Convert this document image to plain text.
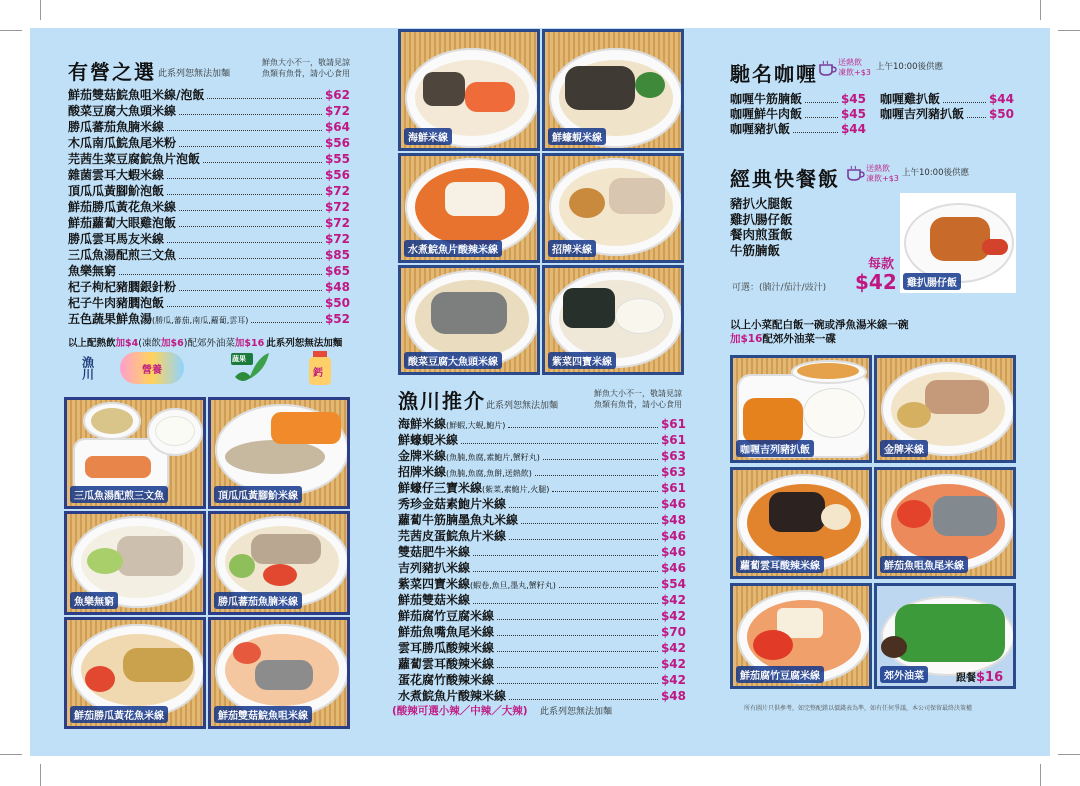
有營之選 此系列恕無法加麵
鮮魚大小不一，敬請見諒
魚類有魚骨，請小心食用
鮮茄雙菇鯇魚咀米線/泡飯	$62
酸菜豆腐大魚頭米線	$72
勝瓜蕃茄魚腩米線	$64
木瓜南瓜鯇魚尾米粉	$56
芫茜生菜豆腐鯇魚片泡飯	$55
雜菌雲耳大蝦米線	$56
頂瓜瓜黃腳魪泡飯	$72
鮮茄勝瓜黃花魚米線	$72
鮮茄蘿蔔大眼雞泡飯	$72
勝瓜雲耳馬友米線	$72
三瓜魚湯配煎三文魚	$85
魚樂無窮	$65
杞子枸杞豬膶銀針粉	$48
杞子牛肉豬膶泡飯	$50
五色蔬果鮮魚湯 (勝瓜,蕃茄,南瓜,蘿蔔,雲耳)	$52
以上配熱飲加$4(凍飲加$6)配郊外油菜加$16 此系列恕無法加麵
漁川	營養
蔬果
鈣
三瓜魚湯配煎三文魚	頂瓜瓜黃腳魪米線
魚樂無窮	勝瓜蕃茄魚腩米線
鮮茄勝瓜黃花魚米線	鮮茄雙菇鯇魚咀米線
海鮮米線	鮮蠔蜆米線
水煮鯇魚片酸辣米線	招牌米線
酸菜豆腐大魚頭米線	紫菜四寶米線
漁川推介 此系列恕無法加麵
鮮魚大小不一，敬請見諒
魚類有魚骨，請小心食用
海鮮米線 (鮮蝦,大蜆,鮑片)	$61
鮮蠔蜆米線	$61
金牌米線 (魚腩,魚腐,素鮑片,蟹籽丸)	$63
招牌米線 (魚腩,魚腐,魚餅,送熱飲)	$63
鮮蠔仔三寶米線 (紫菜,素鮑片,火腿)	$61
秀珍金菇素鮑片米線	$46
蘿蔔牛筋腩墨魚丸米線	$48
芫茜皮蛋鯇魚片米線	$46
雙菇肥牛米線	$46
吉列豬扒米線	$46
紫菜四寶米線 (蝦卷,魚旦,墨丸,蟹籽丸)	$54
鮮茄雙菇米線	$42
鮮茄腐竹豆腐米線	$42
鮮茄魚嘴魚尾米線	$70
雲耳勝瓜酸辣米線	$42
蘿蔔雲耳酸辣米線	$42
蛋花腐竹酸辣米線	$42
水煮鯇魚片酸辣米線	$48
(酸辣可選小辣／中辣／大辣) 此系列恕無法加麵
馳名咖喱	送熱飲
凍飲+$3
上午10:00後供應
咖喱牛筋腩飯	$45
咖喱鮮牛肉飯	$45
咖喱豬扒飯	$44
咖喱雞扒飯	$44
咖喱吉列豬扒飯 $50
經典快餐飯	送熱飲
凍飲+$3
上午10:00後供應
豬扒火腿飯
雞扒腸仔飯
餐肉煎蛋飯
牛筋腩飯
每款
$42
可選：(腩汁/茄汁/豉汁)	雞扒腸仔飯
以上小菜配白飯一碗或淨魚湯米線一碗
加$16配郊外油菜一碟
咖喱吉列豬扒飯	金牌米線
蘿蔔雲耳酸辣米線	鮮茄魚咀魚尾米線
鮮茄腐竹豆腐米線	郊外油菜	跟餐$16
所有圖片只供參考，如完整配錯以價錢表為準，如有任何爭議，本公司保留最終決策權
